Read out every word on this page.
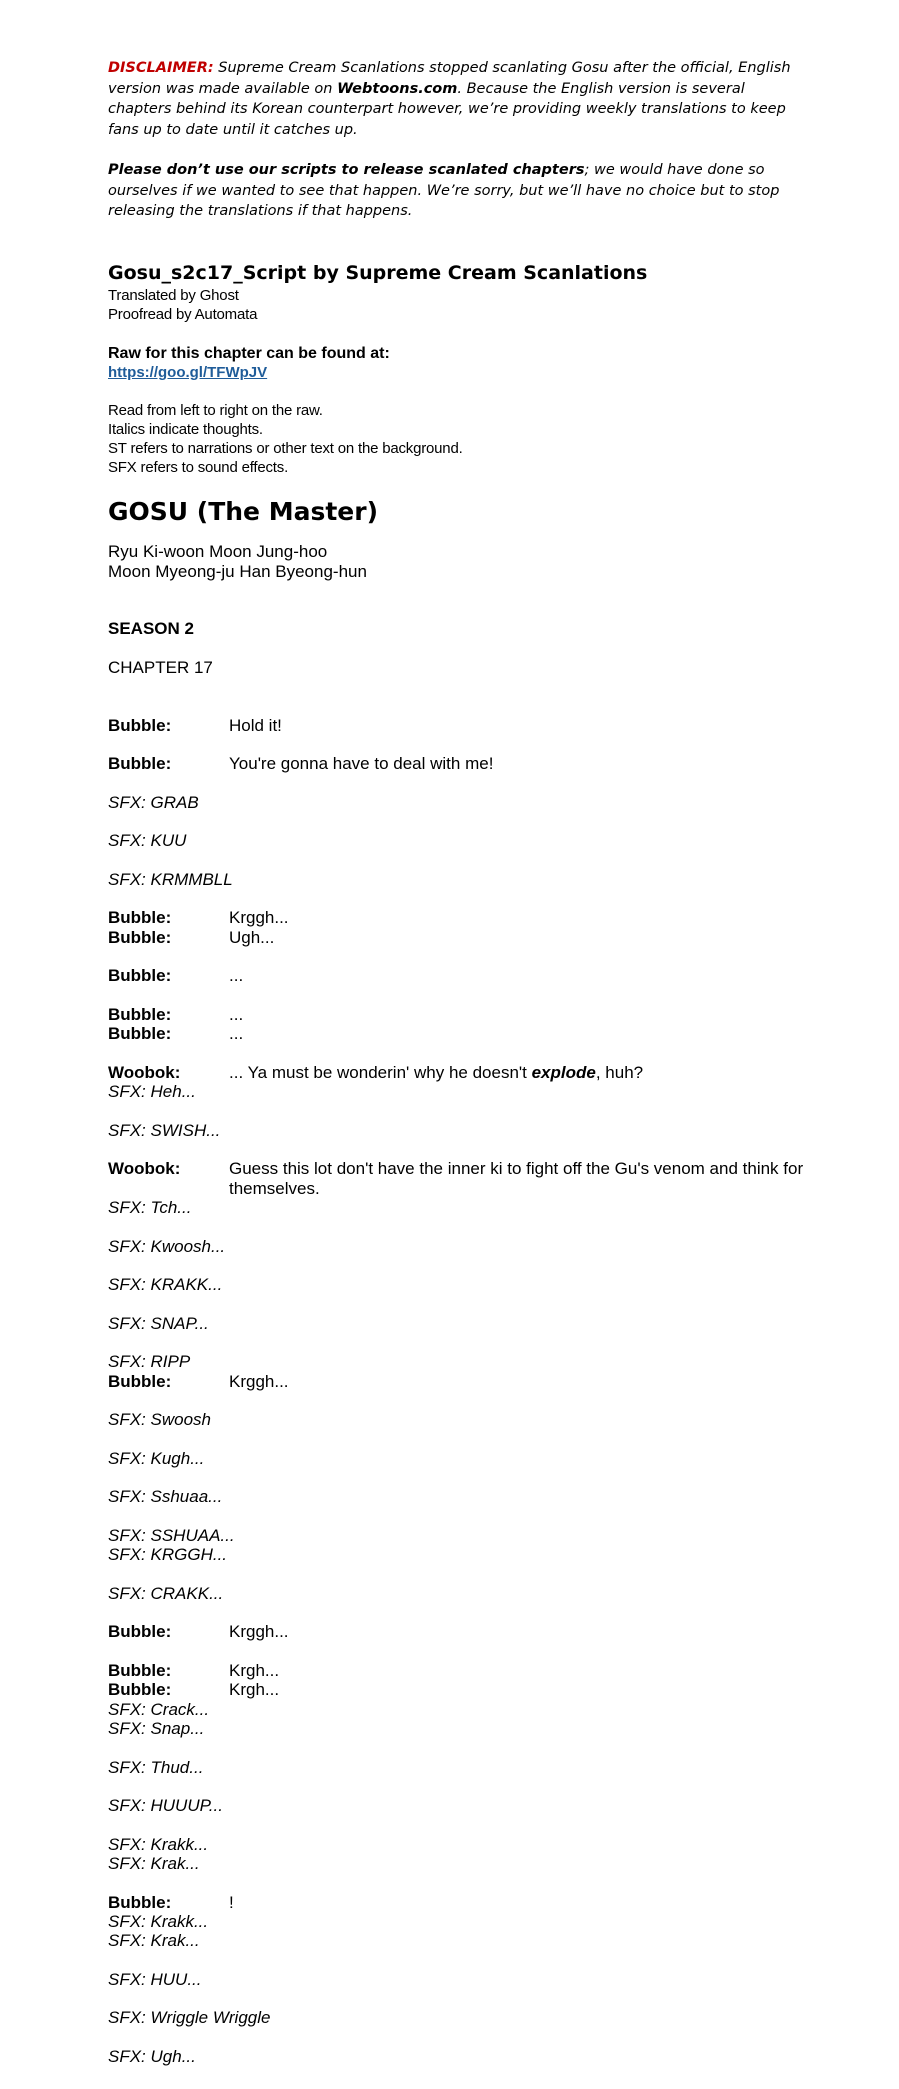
DISCLAIMER: Supreme Cream Scanlations stopped scanlating Gosu after the official, English version was made available on Webtoons.com. Because the English version is several chapters behind its Korean counterpart however, we’re providing weekly translations to keep fans up to date until it catches up.

Please don’t use our scripts to release scanlated chapters; we would have done so ourselves if we wanted to see that happen. We’re sorry, but we’ll have no choice but to stop releasing the translations if that happens.

Gosu_s2c17_Script by Supreme Cream Scanlations

Translated by Ghost

Proofread by Automata

Raw for this chapter can be found at:

https://goo.gl/TFWpJV

Read from left to right on the raw.

Italics indicate thoughts.

ST refers to narrations or other text on the background.

SFX refers to sound effects.

GOSU (The Master)

Ryu Ki-woon Moon Jung-hoo

Moon Myeong-ju Han Byeong-hun

SEASON 2

CHAPTER 17

Bubble:	Hold it!
Bubble:	You're gonna have to deal with me!

SFX: GRAB

SFX: KUU

SFX: KRMMBLL

Bubble:	Krggh...
Bubble:	Ugh...
Bubble:	...
Bubble:	...
Bubble:	...
Woobok:	... Ya must be wonderin' why he doesn't explode, huh?

SFX: Heh...

SFX: SWISH...

Woobok:	Guess this lot don't have the inner ki to fight off the Gu's venom and think for themselves.

SFX: Tch...

SFX: Kwoosh...

SFX: KRAKK...

SFX: SNAP...

SFX: RIPP

Bubble:	Krggh...

SFX: Swoosh

SFX: Kugh...

SFX: Sshuaa...

SFX: SSHUAA...

SFX: KRGGH...

SFX: CRAKK...

Bubble:	Krggh...
Bubble:	Krgh...
Bubble:	Krgh...

SFX: Crack...

SFX: Snap...

SFX: Thud...

SFX: HUUUP...

SFX: Krakk...

SFX: Krak...

Bubble:	!

SFX: Krakk...

SFX: Krak...

SFX: HUU...

SFX: Wriggle Wriggle

SFX: Ugh...
